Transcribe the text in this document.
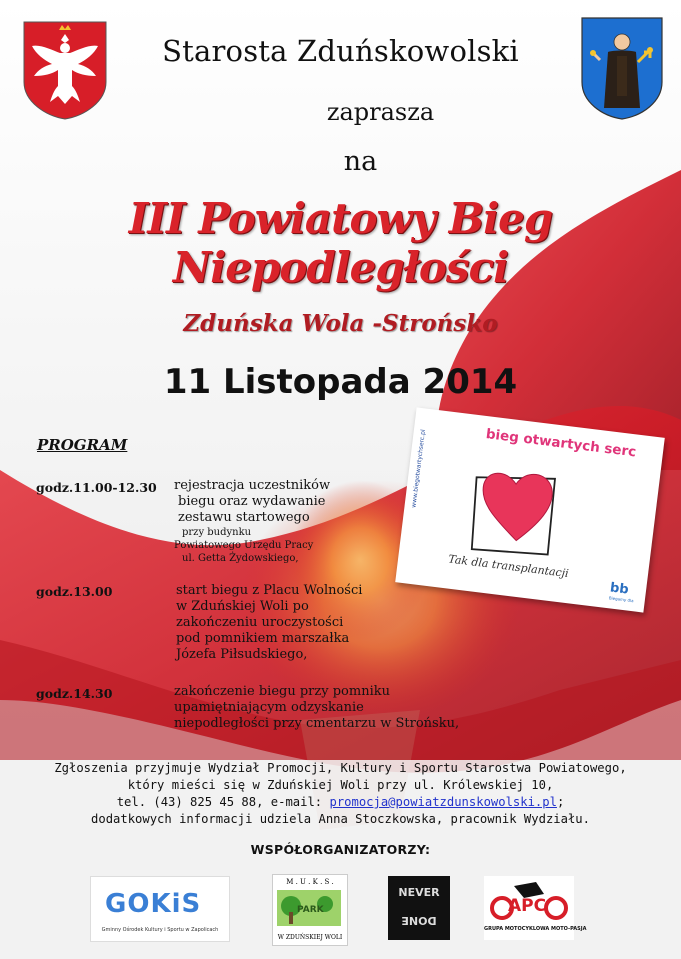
Starosta Zduńskowolski
zaprasza
na
III Powiatowy Bieg Niepodległości
Zduńska Wola -Strońsko
11 Listopada 2014
PROGRAM
godz.11.00-12.30 rejestracja uczestników
biegu oraz wydawanie
zestawu startowego
przy budynku
Powiatowego Urzędu Pracy
ul. Getta Żydowskiego,
godz.13.00	start biegu z Placu Wolności
w Zduńskiej Woli po
zakończeniu uroczystości
pod pomnikiem marszałka
Józefa Piłsudskiego,
godz.14.30	zakończenie biegu przy pomniku
upamiętniającym odzyskanie
niepodległości przy cmentarzu w Strońsku,
bieg otwartych serc
www.biegotwartychserc.pl
Tak dla transplantacji
bb
Biegamy dla
Zgłoszenia przyjmuje Wydział Promocji, Kultury i Sportu Starostwa Powiatowego,
który mieści się w Zduńskiej Woli przy ul. Królewskiej 10,
tel. (43) 825 45 88, e-mail: promocja@powiatzdunskowolski.pl;
dodatkowych informacji udziela Anna Stoczkowska, pracownik Wydziału.
WSPÓŁORGANIZATORZY:
GOKiS
Gminny Ośrodek Kultury i Sportu w Zapolicach
M . U . K . S .
PARK
W ZDUŃSKIEJ WOLI
NEVER
DONE
APC
GRUPA MOTOCYKLOWA MOTO-PASJA
